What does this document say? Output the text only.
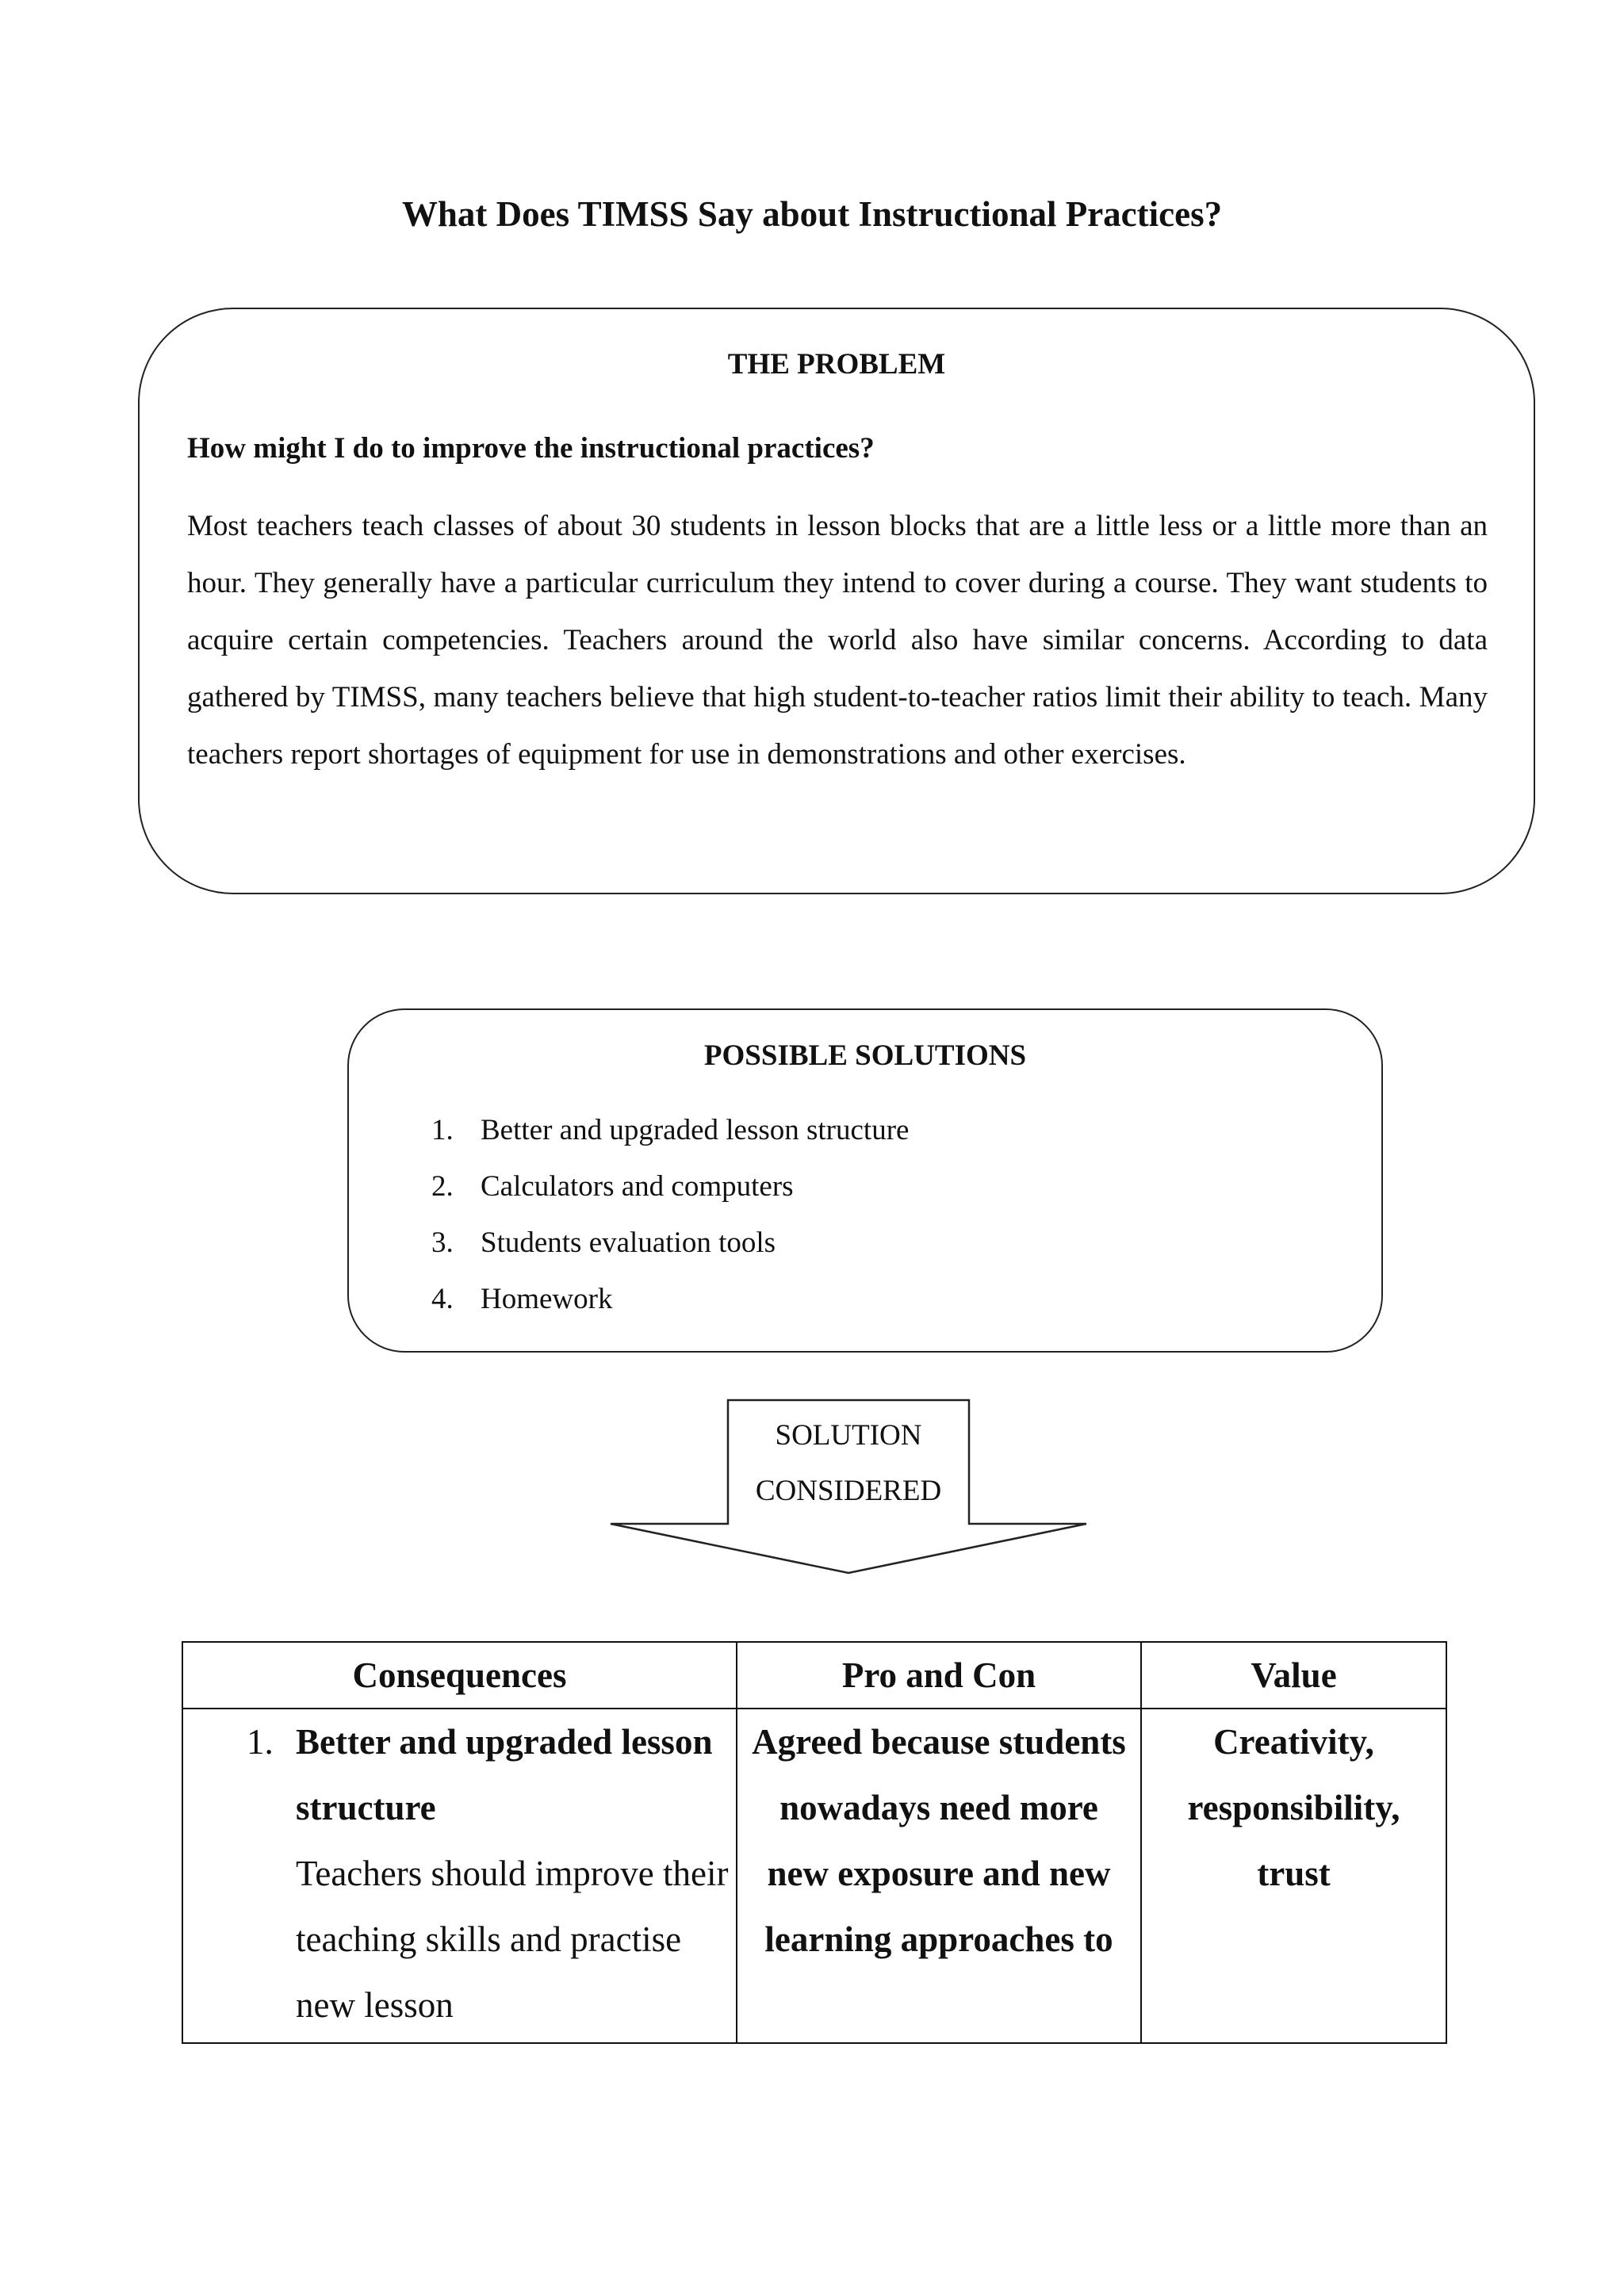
What Does TIMSS Say about Instructional Practices?
THE PROBLEM
How might I do to improve the instructional practices?
Most teachers teach classes of about 30 students in lesson blocks that are a little less or a little more than an hour. They generally have a particular curriculum they intend to cover during a course. They want students to acquire certain competencies. Teachers around the world also have similar concerns. According to data gathered by TIMSS, many teachers believe that high student-to-teacher ratios limit their ability to teach. Many teachers report shortages of equipment for use in demonstrations and other exercises.
POSSIBLE SOLUTIONS
1. Better and upgraded lesson structure
2. Calculators and computers
3. Students evaluation tools
4. Homework
SOLUTION
CONSIDERED
Consequences	Pro and Con	Value

1. Better and upgraded lesson structure
Teachers should improve their teaching skills and practise new lesson	Agreed because students nowadays need more new exposure and new learning approaches to	Creativity, responsibility, trust
